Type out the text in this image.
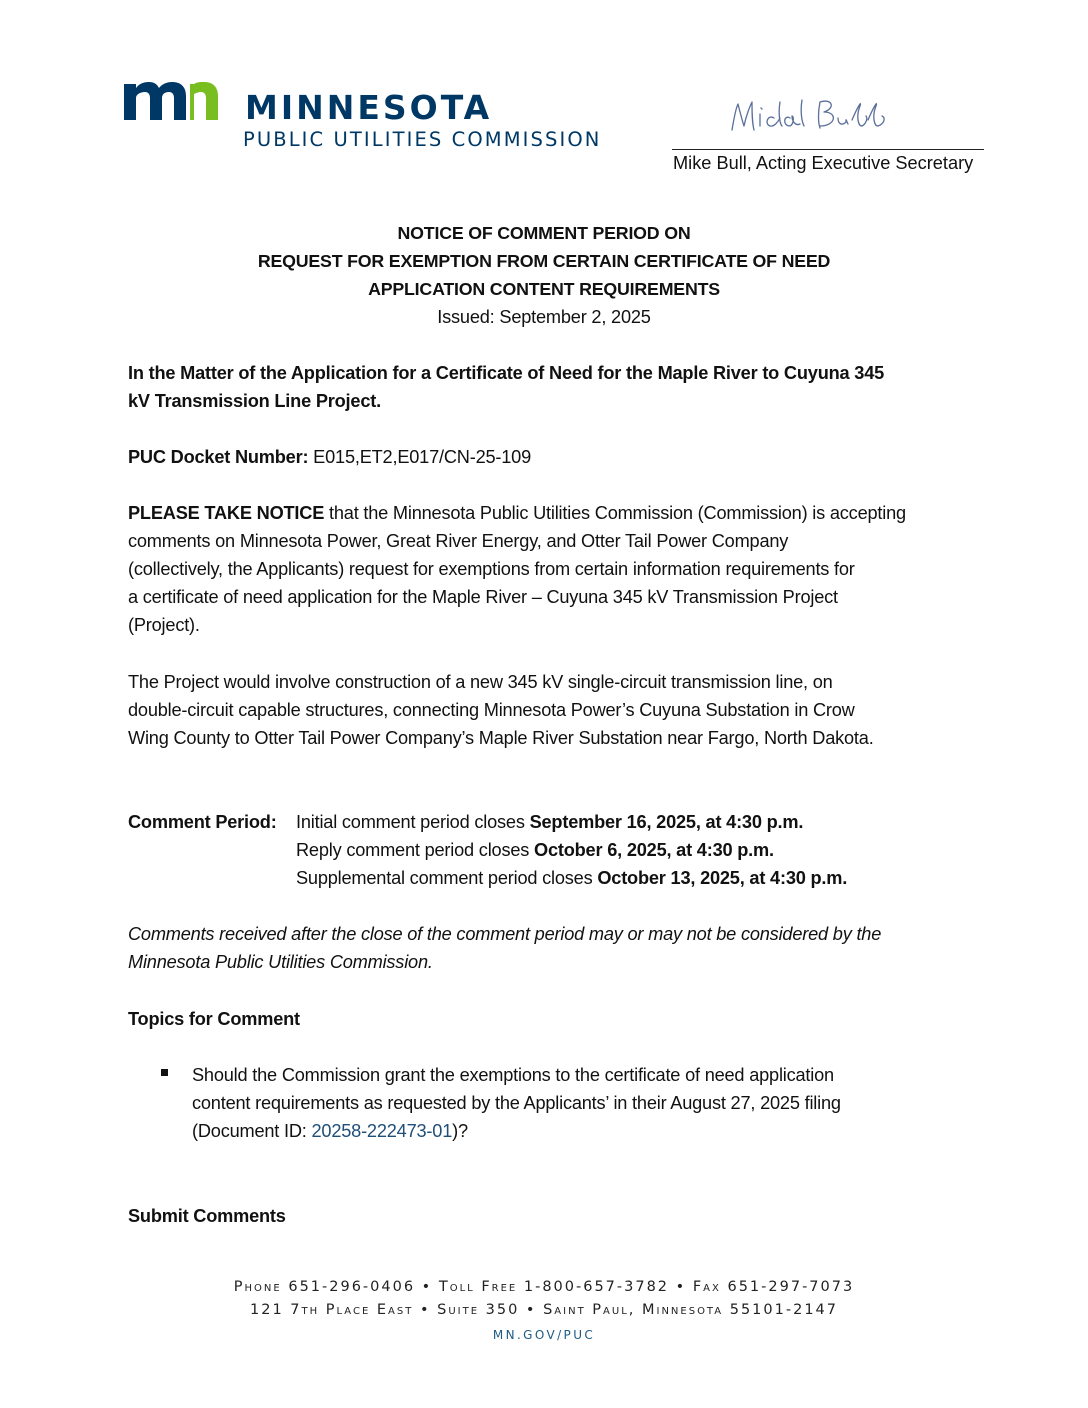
MINNESOTA
PUBLIC UTILITIES COMMISSION
Mike Bull, Acting Executive Secretary
NOTICE OF COMMENT PERIOD ON
REQUEST FOR EXEMPTION FROM CERTAIN CERTIFICATE OF NEED
APPLICATION CONTENT REQUIREMENTS
Issued: September 2, 2025
In the Matter of the Application for a Certificate of Need for the Maple River to Cuyuna 345
kV Transmission Line Project.
PUC Docket Number: E015,ET2,E017/CN-25-109
PLEASE TAKE NOTICE that the Minnesota Public Utilities Commission (Commission) is accepting
comments on Minnesota Power, Great River Energy, and Otter Tail Power Company
(collectively, the Applicants) request for exemptions from certain information requirements for
a certificate of need application for the Maple River – Cuyuna 345 kV Transmission Project
(Project).
The Project would involve construction of a new 345 kV single-circuit transmission line, on
double-circuit capable structures, connecting Minnesota Power’s Cuyuna Substation in Crow
Wing County to Otter Tail Power Company’s Maple River Substation near Fargo, North Dakota.
Comment Period: Initial comment period closes September 16, 2025, at 4:30 p.m.
Reply comment period closes October 6, 2025, at 4:30 p.m.
Supplemental comment period closes October 13, 2025, at 4:30 p.m.
Comments received after the close of the comment period may or may not be considered by the
Minnesota Public Utilities Commission.
Topics for Comment
Should the Commission grant the exemptions to the certificate of need application
content requirements as requested by the Applicants’ in their August 27, 2025 filing
(Document ID: 20258-222473-01)?
Submit Comments
Phone 651-296-0406 • Toll Free 1-800-657-3782 • Fax 651-297-7073
121 7th Place East • Suite 350 • Saint Paul, Minnesota 55101-2147
MN.GOV/PUC
